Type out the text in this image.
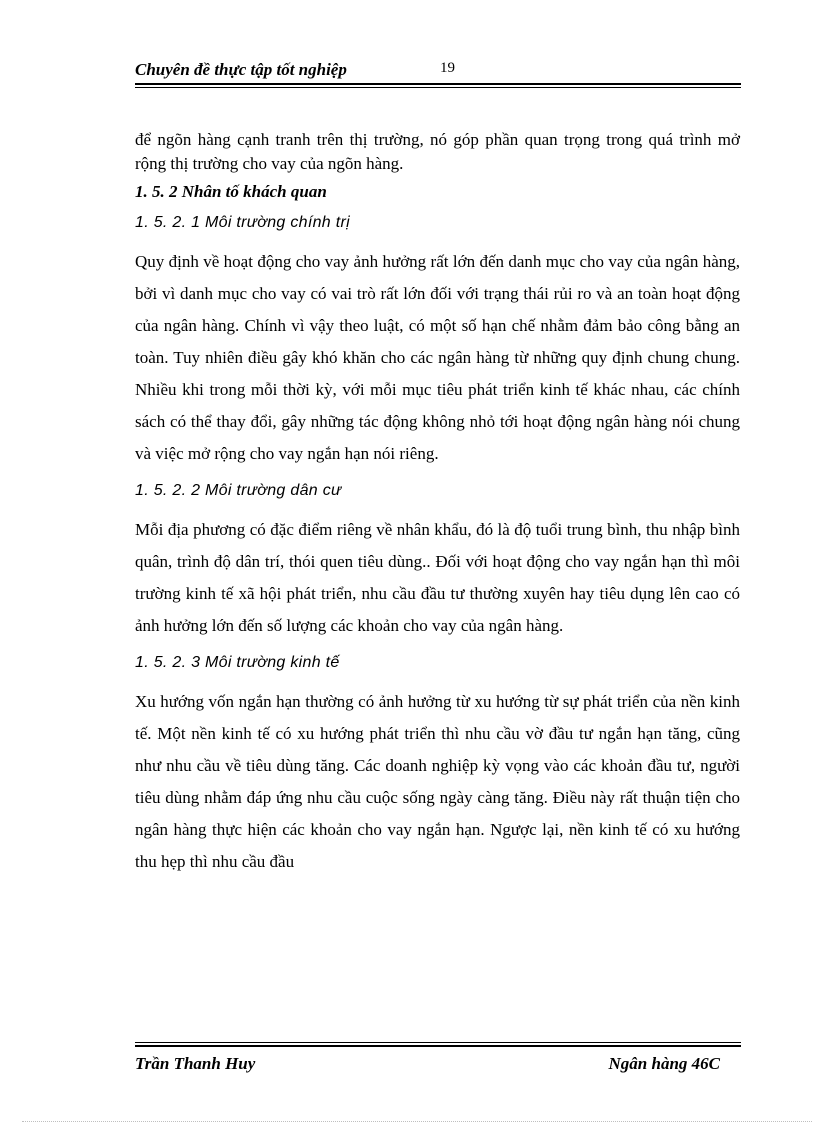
Chuyên đề thực tập tốt nghiệp	19

để ngõn hàng cạnh tranh trên thị trường, nó góp phần quan trọng trong quá trình mở rộng thị trường cho vay của ngõn hàng.

1. 5. 2 Nhân tố khách quan
1. 5. 2. 1 Môi trường chính trị

Quy định về hoạt động cho vay ảnh hưởng rất lớn đến danh mục cho vay của ngân hàng, bởi vì danh mục cho vay có vai trò rất lớn đối với trạng thái rủi ro và an toàn hoạt động của ngân hàng. Chính vì vậy theo luật, có một số hạn chế nhằm đảm bảo công bằng an toàn. Tuy nhiên điều gây khó khăn cho các ngân hàng từ những quy định chung chung. Nhiều khi trong mỗi thời kỳ, với mỗi mục tiêu phát triển kinh tế khác nhau, các chính sách có thể thay đổi, gây những tác động không nhỏ tới hoạt động ngân hàng nói chung và việc mở rộng cho vay ngắn hạn nói riêng.

1. 5. 2. 2 Môi trường dân cư

Mỗi địa phương có đặc điểm riêng về nhân khẩu, đó là độ tuổi trung bình, thu nhập bình quân, trình độ dân trí, thói quen tiêu dùng.. Đối với hoạt động cho vay ngắn hạn thì môi trường kinh tế xã hội phát triển, nhu cầu đầu tư thường xuyên hay tiêu dụng lên cao có ảnh hưởng lớn đến số lượng các khoản cho vay của ngân hàng.

1. 5. 2. 3 Môi trường kinh tế

Xu hướng vốn ngắn hạn thường có ảnh hưởng từ xu hướng từ sự phát triển của nền kinh tế. Một nền kinh tế có xu hướng phát triển thì nhu cầu vờ đầu tư ngắn hạn tăng, cũng như nhu cầu về tiêu dùng tăng. Các doanh nghiệp kỳ vọng vào các khoản đầu tư, người tiêu dùng nhằm đáp ứng nhu cầu cuộc sống ngày càng tăng. Điều này rất thuận tiện cho ngân hàng thực hiện các khoản cho vay ngắn hạn. Ngược lại, nền kinh tế có xu hướng thu hẹp thì nhu cầu đầu

Trần Thanh Huy	Ngân hàng 46C
